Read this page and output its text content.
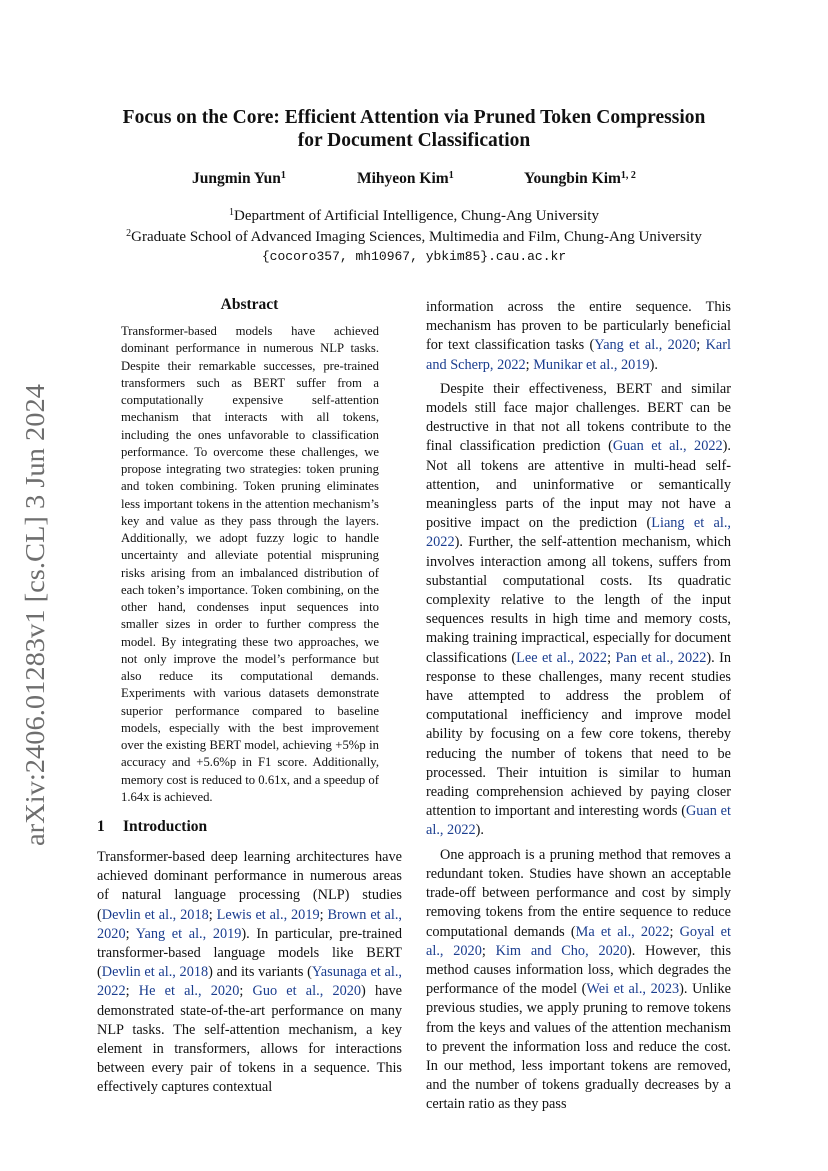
arXiv:2406.01283v1 [cs.CL] 3 Jun 2024
Focus on the Core: Efficient Attention via Pruned Token Compression
for Document Classification
Jungmin Yun$^1$	Mihyeon Kim$^1$	Youngbin Kim$^{1, 2}$
$^1$Department of Artificial Intelligence, Chung-Ang University
$^2$Graduate School of Advanced Imaging Sciences, Multimedia and Film, Chung-Ang University
{cocoro357, mh10967, ybkim85}.cau.ac.kr
Abstract

Transformer-based models have achieved dominant performance in numerous NLP tasks. Despite their remarkable successes, pre-trained transformers such as BERT suffer from a computationally expensive self-attention mechanism that interacts with all tokens, including the ones unfavorable to classification performance. To overcome these challenges, we propose integrating two strategies: token pruning and token combining. Token pruning eliminates less important tokens in the attention mechanism’s key and value as they pass through the layers. Additionally, we adopt fuzzy logic to handle uncertainty and alleviate potential mispruning risks arising from an imbalanced distribution of each token’s importance. Token combining, on the other hand, condenses input sequences into smaller sizes in order to further compress the model. By integrating these two approaches, we not only improve the model’s performance but also reduce its computational demands. Experiments with various datasets demonstrate superior performance compared to baseline models, especially with the best improvement over the existing BERT model, achieving +5%p in accuracy and +5.6%p in F1 score. Additionally, memory cost is reduced to 0.61x, and a speedup of 1.64x is achieved.

1 Introduction

Transformer-based deep learning architectures have achieved dominant performance in numerous areas of natural language processing (NLP) studies (Devlin et al., 2018; Lewis et al., 2019; Brown et al., 2020; Yang et al., 2019). In particular, pre-trained transformer-based language models like BERT (Devlin et al., 2018) and its variants (Yasunaga et al., 2022; He et al., 2020; Guo et al., 2020) have demonstrated state-of-the-art performance on many NLP tasks. The self-attention mechanism, a key element in transformers, allows for interactions between every pair of tokens in a sequence. This effectively captures contextual

information across the entire sequence. This mechanism has proven to be particularly beneficial for text classification tasks (Yang et al., 2020; Karl and Scherp, 2022; Munikar et al., 2019).

Despite their effectiveness, BERT and similar models still face major challenges. BERT can be destructive in that not all tokens contribute to the final classification prediction (Guan et al., 2022). Not all tokens are attentive in multi-head self-attention, and uninformative or semantically meaningless parts of the input may not have a positive impact on the prediction (Liang et al., 2022). Further, the self-attention mechanism, which involves interaction among all tokens, suffers from substantial computational costs. Its quadratic complexity relative to the length of the input sequences results in high time and memory costs, making training impractical, especially for document classifications (Lee et al., 2022; Pan et al., 2022). In response to these challenges, many recent studies have attempted to address the problem of computational inefficiency and improve model ability by focusing on a few core tokens, thereby reducing the number of tokens that need to be processed. Their intuition is similar to human reading comprehension achieved by paying closer attention to important and interesting words (Guan et al., 2022).

One approach is a pruning method that removes a redundant token. Studies have shown an acceptable trade-off between performance and cost by simply removing tokens from the entire sequence to reduce computational demands (Ma et al., 2022; Goyal et al., 2020; Kim and Cho, 2020). However, this method causes information loss, which degrades the performance of the model (Wei et al., 2023). Unlike previous studies, we apply pruning to remove tokens from the keys and values of the attention mechanism to prevent the information loss and reduce the cost. In our method, less important tokens are removed, and the number of tokens gradually decreases by a certain ratio as they pass
